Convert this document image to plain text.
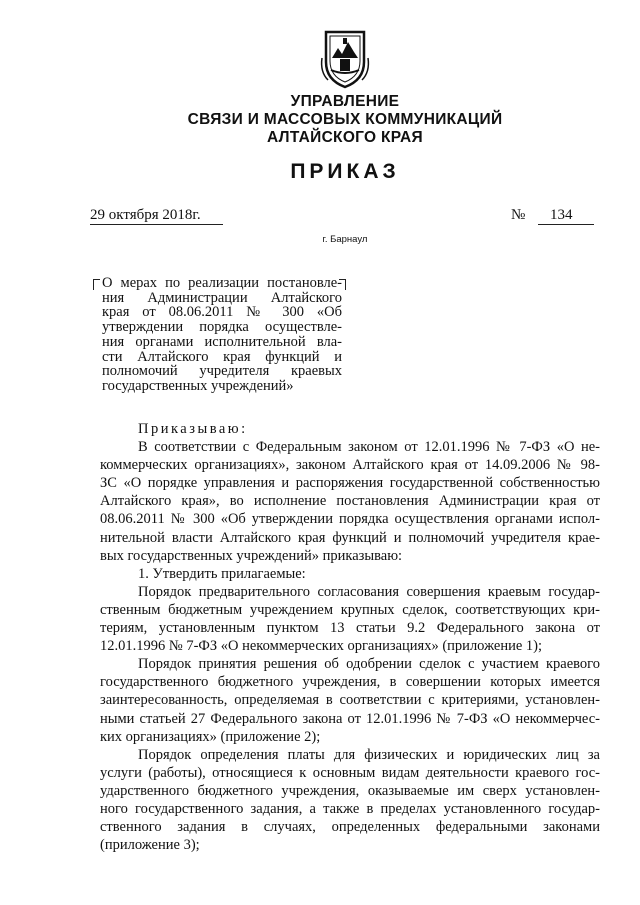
УПРАВЛЕНИЕ
СВЯЗИ И МАССОВЫХ КОММУНИКАЦИЙ
АЛТАЙСКОГО КРАЯ
ПРИКАЗ
29 октября 2018г.	№ 134
г. Барнаул
О мерах по реализации постановле-
ния Администрации Алтайского
края от 08.06.2011 № 300 «Об
утверждении порядка осуществле-
ния органами исполнительной вла-
сти Алтайского края функций и
полномочий учредителя краевых
государственных учреждений»
Приказываю:
В соответствии с Федеральным законом от 12.01.1996 № 7-ФЗ «О не-
коммерческих организациях», законом Алтайского края от 14.09.2006 № 98-
ЗС «О порядке управления и распоряжения государственной собственностью
Алтайского края», во исполнение постановления Администрации края от
08.06.2011 № 300 «Об утверждении порядка осуществления органами испол-
нительной власти Алтайского края функций и полномочий учредителя крае-
вых государственных учреждений» приказываю:
1. Утвердить прилагаемые:
Порядок предварительного согласования совершения краевым государ-
ственным бюджетным учреждением крупных сделок, соответствующих кри-
териям, установленным пунктом 13 статьи 9.2 Федерального закона от
12.01.1996 № 7-ФЗ «О некоммерческих организациях» (приложение 1);
Порядок принятия решения об одобрении сделок с участием краевого
государственного бюджетного учреждения, в совершении которых имеется
заинтересованность, определяемая в соответствии с критериями, установлен-
ными статьей 27 Федерального закона от 12.01.1996 № 7-ФЗ «О некоммерчес-
ких организациях» (приложение 2);
Порядок определения платы для физических и юридических лиц за
услуги (работы), относящиеся к основным видам деятельности краевого гос-
ударственного бюджетного учреждения, оказываемые им сверх установлен-
ного государственного задания, а также в пределах установленного государ-
ственного задания в случаях, определенных федеральными законами
(приложение 3);
